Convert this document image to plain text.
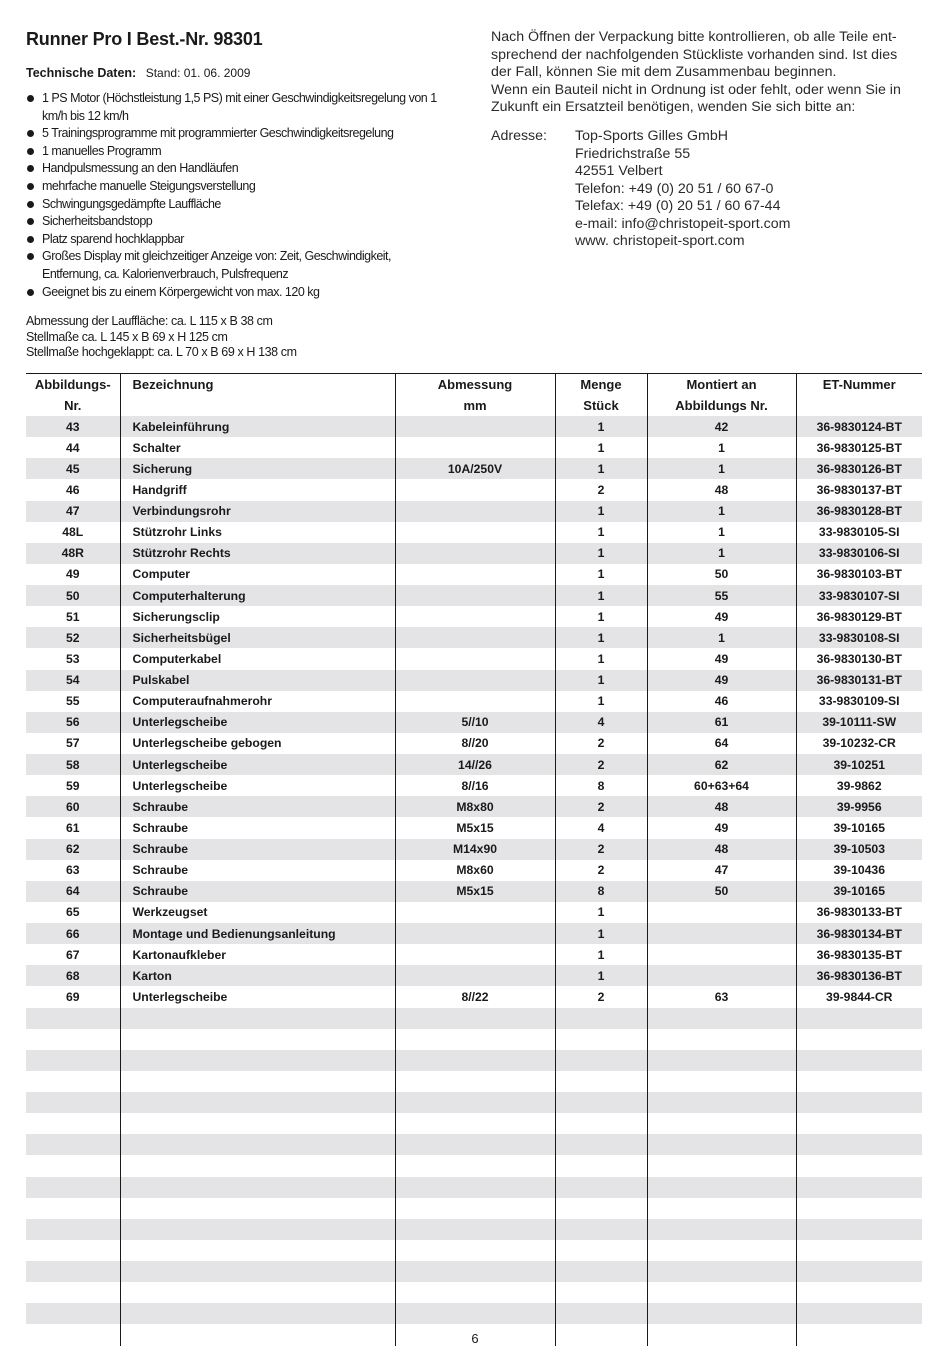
Runner Pro I Best.-Nr. 98301
Technische Daten: Stand: 01. 06. 2009
1 PS Motor (Höchstleistung 1,5 PS) mit einer Geschwindigkeitsregelung von 1 km/h bis 12 km/h
5 Trainingsprogramme mit programmierter Geschwindigkeitsregelung
1 manuelles Programm
Handpulsmessung an den Handläufen
mehrfache manuelle Steigungsverstellung
Schwingungsgedämpfte Lauffläche
Sicherheitsbandstopp
Platz sparend hochklappbar
Großes Display mit gleichzeitiger Anzeige von: Zeit, Geschwindigkeit, Entfernung, ca. Kalorienverbrauch, Pulsfrequenz
Geeignet bis zu einem Körpergewicht von max. 120 kg
Abmessung der Lauffläche: ca. L 115 x B 38 cm
Stellmaße ca. L 145 x B 69 x H 125 cm
Stellmaße hochgeklappt: ca. L 70 x B 69 x H 138 cm
Nach Öffnen der Verpackung bitte kontrollieren, ob alle Teile ent-
sprechend der nachfolgenden Stückliste vorhanden sind. Ist dies
der Fall, können Sie mit dem Zusammenbau beginnen.
Wenn ein Bauteil nicht in Ordnung ist oder fehlt, oder wenn Sie in
Zukunft ein Ersatzteil benötigen, wenden Sie sich bitte an:
Adresse: Top-Sports Gilles GmbH
Friedrichstraße 55
42551 Velbert
Telefon: +49 (0) 20 51 / 60 67-0
Telefax: +49 (0) 20 51 / 60 67-44
e-mail: info@christopeit-sport.com
www. christopeit-sport.com
Abbildungs-	Bezeichnung	Abmessung	Menge	Montiert an	ET-Nummer
Nr.		mm	Stück	Abbildungs Nr.	
43	Kabeleinführung		1	42	36-9830124-BT
44	Schalter		1	1	36-9830125-BT
45	Sicherung	10A/250V	1	1	36-9830126-BT
46	Handgriff		2	48	36-9830137-BT
47	Verbindungsrohr		1	1	36-9830128-BT
48L	Stützrohr Links		1	1	33-9830105-SI
48R	Stützrohr Rechts		1	1	33-9830106-SI
49	Computer		1	50	36-9830103-BT
50	Computerhalterung		1	55	33-9830107-SI
51	Sicherungsclip		1	49	36-9830129-BT
52	Sicherheitsbügel		1	1	33-9830108-SI
53	Computerkabel		1	49	36-9830130-BT
54	Pulskabel		1	49	36-9830131-BT
55	Computeraufnahmerohr		1	46	33-9830109-SI
56	Unterlegscheibe	5//10	4	61	39-10111-SW
57	Unterlegscheibe gebogen	8//20	2	64	39-10232-CR
58	Unterlegscheibe	14//26	2	62	39-10251
59	Unterlegscheibe	8//16	8	60+63+64	39-9862
60	Schraube	M8x80	2	48	39-9956
61	Schraube	M5x15	4	49	39-10165
62	Schraube	M14x90	2	48	39-10503
63	Schraube	M8x60	2	47	39-10436
64	Schraube	M5x15	8	50	39-10165
65	Werkzeugset		1		36-9830133-BT
66	Montage und Bedienungsanleitung		1		36-9830134-BT
67	Kartonaufkleber		1		36-9830135-BT
68	Karton		1		36-9830136-BT
69	Unterlegscheibe	8//22	2	63	39-9844-CR

6
